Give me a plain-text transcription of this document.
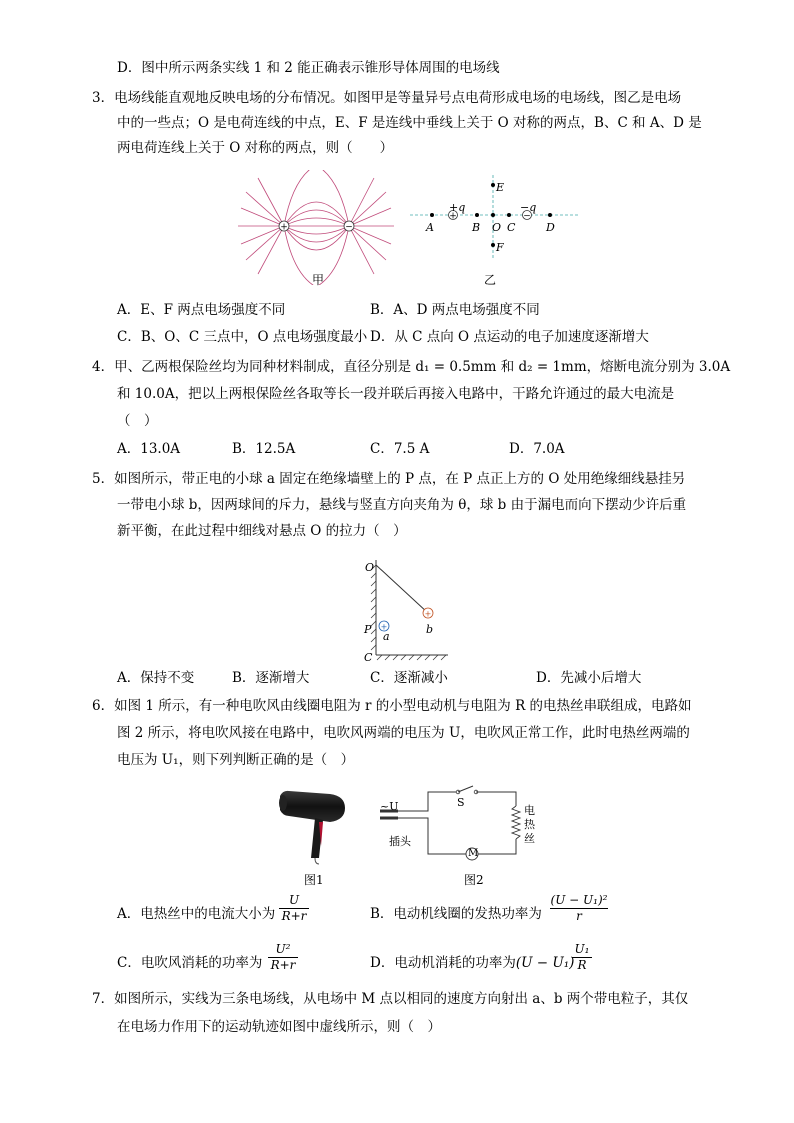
D．图中所示两条实线 1 和 2 能正确表示锥形导体周围的电场线
3．电场线能直观地反映电场的分布情况。如图甲是等量异号点电荷形成电场的电场线，图乙是电场
中的一些点；O 是电荷连线的中点，E、F 是连线中垂线上关于 O 对称的两点，B、C 和 A、D 是
两电荷连线上关于 O 对称的两点，则（　　）
+	−
甲
+	−
A
+q
B O C
−q
D
E
F
乙
A．E、F 两点电场强度不同	B．A、D 两点电场强度不同
C．B、O、C 三点中，O 点电场强度最小 D．从 C 点向 O 点运动的电子加速度逐渐增大
4．甲、乙两根保险丝均为同种材料制成，直径分别是 d₁ = 0.5mm 和 d₂ = 1mm，熔断电流分别为 3.0A
和 10.0A，把以上两根保险丝各取等长一段并联后再接入电路中，干路允许通过的最大电流是
（　）
A．13.0A	B．12.5A	C．7.5 A	D．7.0A
5．如图所示，带正电的小球 a 固定在绝缘墙壁上的 P 点，在 P 点正上方的 O 处用绝缘细线悬挂另
一带电小球 b，因两球间的斥力，悬线与竖直方向夹角为 θ，球 b 由于漏电而向下摆动少许后重
新平衡，在此过程中细线对悬点 O 的拉力（　）
+
+
O
P
a
b
C
A．保持不变	B．逐渐增大	C．逐渐减小	D．先减小后增大
6．如图 1 所示，有一种电吹风由线圈电阻为 r 的小型电动机与电阻为 R 的电热丝串联组成，电路如
图 2 所示，将电吹风接在电路中，电吹风两端的电压为 U，电吹风正常工作，此时电热丝两端的
电压为 U₁，则下列判断正确的是（　）
图1
~U	S
插头
M
电热丝
图2
A．电热丝中的电流大小为 $\frac{U}{R+r}$	B．电动机线圈的发热功率为 $\frac{\text{(U − U₁)²}}{r}$
C．电吹风消耗的功率为 $\frac{\text{U²}}{R+r}$	D．电动机消耗的功率为(U − U₁)
$\frac{\text{U₁}}{R}$
7．如图所示，实线为三条电场线，从电场中 M 点以相同的速度方向射出 a、b 两个带电粒子，其仅
在电场力作用下的运动轨迹如图中虚线所示，则（　）
